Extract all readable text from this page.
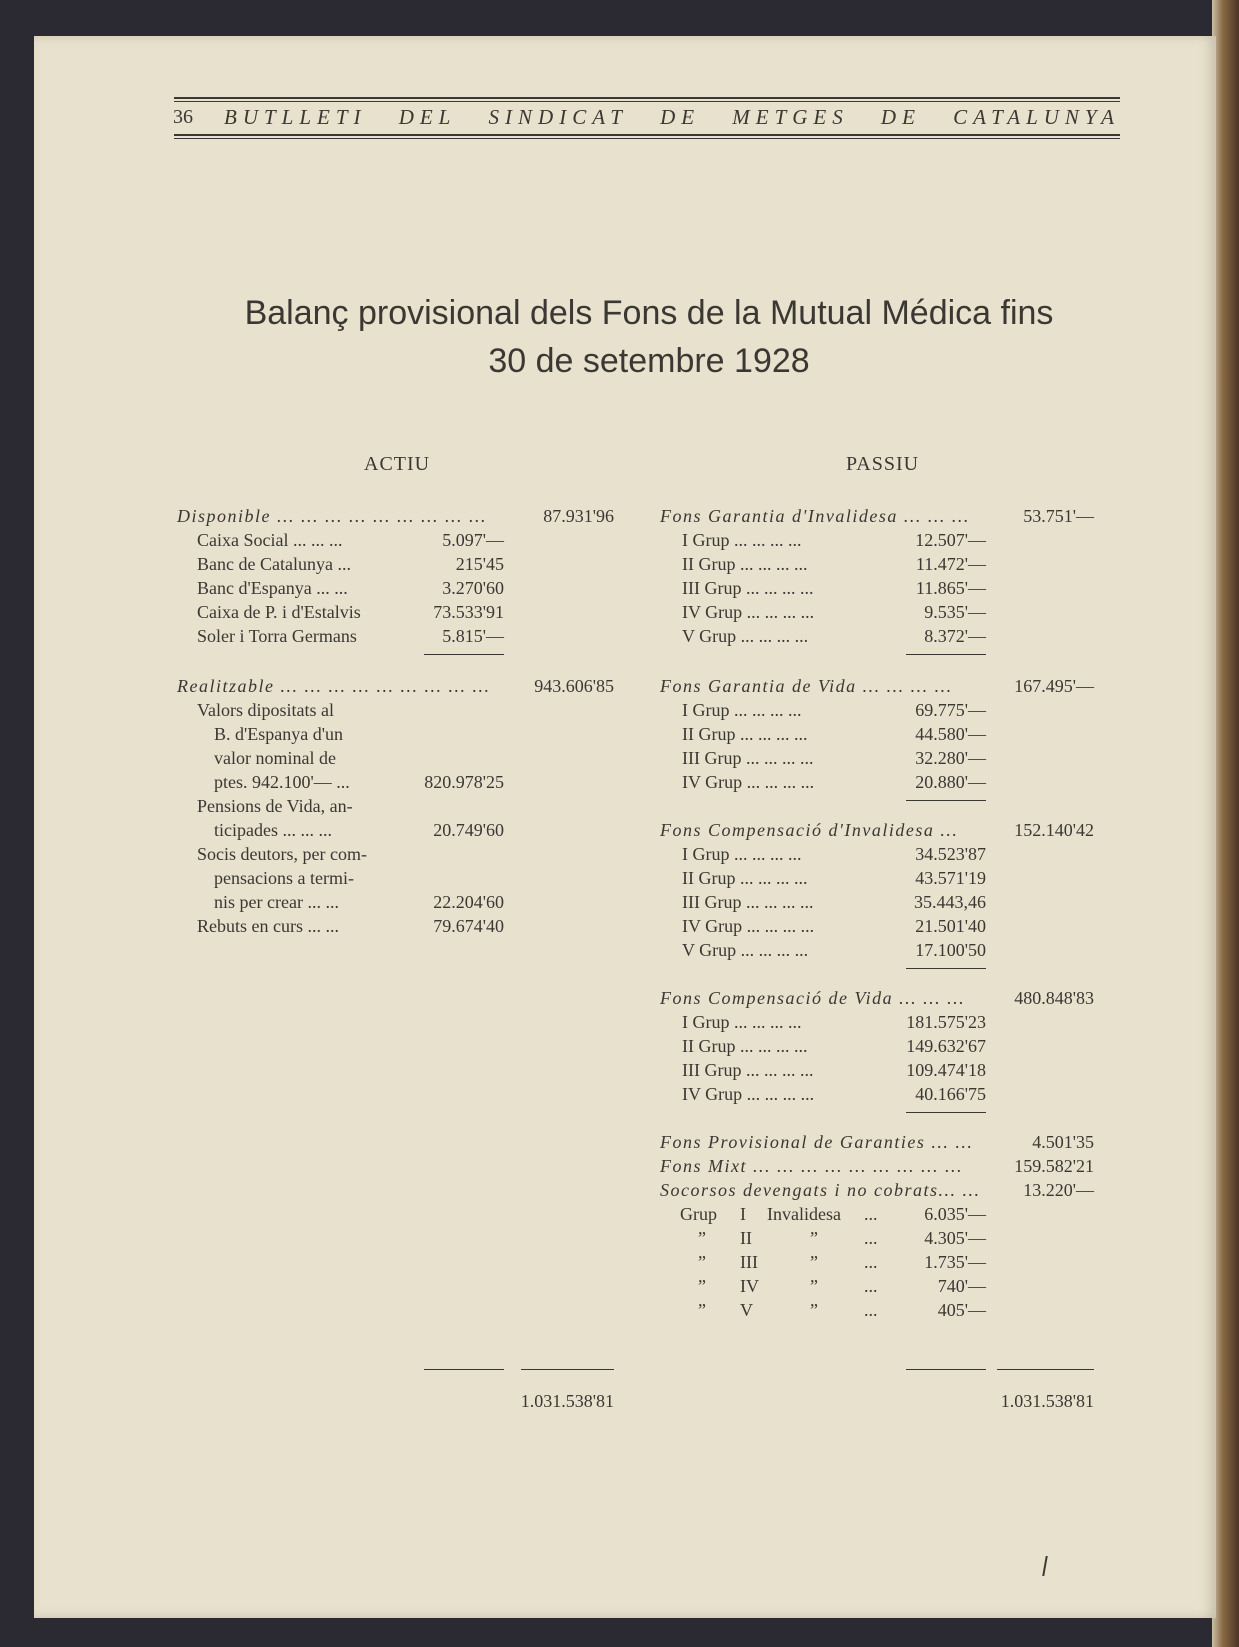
36 BUTLLETI DEL SINDICAT DE METGES DE CATALUNYA
Balanç provisional dels Fons de la Mutual Médica fins
30 de setembre 1928
ACTIU	PASSIU
Disponible ... ... ... ... ... ... ... ... ...	87.931'96
Caixa Social ... ... ...	5.097'—
Banc de Catalunya ...	215'45
Banc d'Espanya ... ...	3.270'60
Caixa de P. i d'Estalvis	73.533'91
Soler i Torra Germans	5.815'—
Realitzable ... ... ... ... ... ... ... ... ...	943.606'85
Valors dipositats al
B. d'Espanya d'un
valor nominal de
ptes. 942.100'— ...	820.978'25
Pensions de Vida, an-
ticipades ... ... ...	20.749'60
Socis deutors, per com-
pensacions a termi-
nis per crear ... ...	22.204'60
Rebuts en curs ... ...	79.674'40
1.031.538'81
Fons Garantia d'Invalidesa ... ... ...	53.751'—
I Grup ... ... ... ...	12.507'—
II Grup ... ... ... ...	11.472'—
III Grup ... ... ... ...	11.865'—
IV Grup ... ... ... ...	9.535'—
V Grup ... ... ... ...	8.372'—
Fons Garantia de Vida ... ... ... ...	167.495'—
I Grup ... ... ... ...	69.775'—
II Grup ... ... ... ...	44.580'—
III Grup ... ... ... ...	32.280'—
IV Grup ... ... ... ...	20.880'—
Fons Compensació d'Invalidesa ...	152.140'42
I Grup ... ... ... ...	34.523'87
II Grup ... ... ... ...	43.571'19
III Grup ... ... ... ...	35.443,46
IV Grup ... ... ... ...	21.501'40
V Grup ... ... ... ...	17.100'50
Fons Compensació de Vida ... ... ...	480.848'83
I Grup ... ... ... ...	181.575'23
II Grup ... ... ... ...	149.632'67
III Grup ... ... ... ...	109.474'18
IV Grup ... ... ... ...	40.166'75
Fons Provisional de Garanties ... ...	4.501'35
Fons Mixt ... ... ... ... ... ... ... ... ...	159.582'21
Socorsos devengats i no cobrats... ...	13.220'—
Grup I Invalidesa ...	6.035'—
” II	”	...	4.305'—
” III	”	...	1.735'—
” IV	”	...	740'—
” V	”	...	405'—
1.031.538'81
